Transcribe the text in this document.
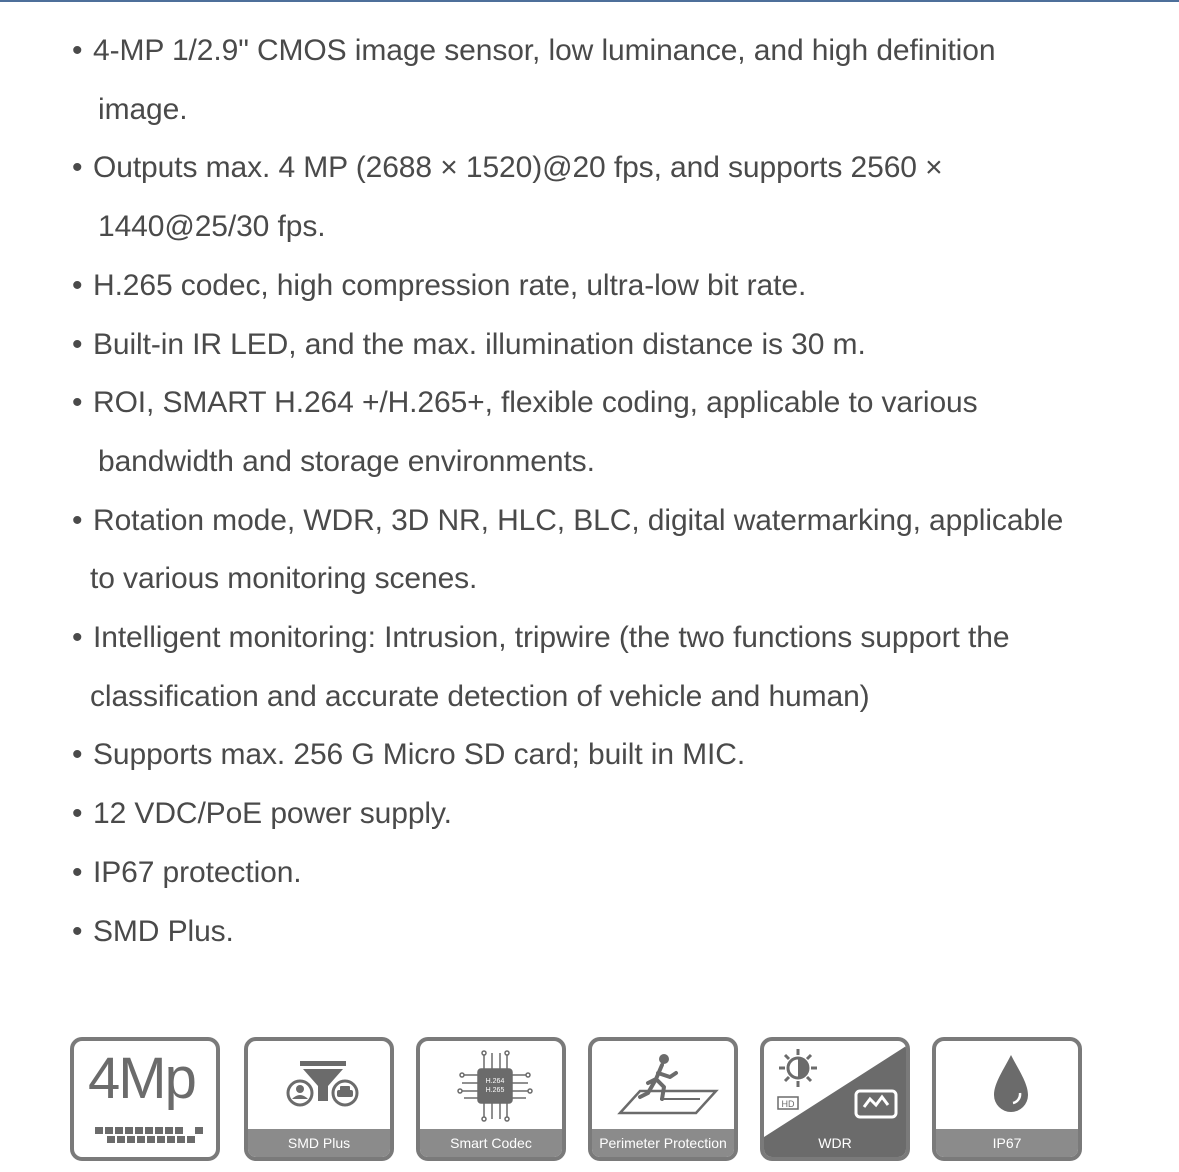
• 4-MP 1/2.9" CMOS image sensor, low luminance, and high definition
image.
• Outputs max. 4 MP (2688 × 1520)@20 fps, and supports 2560 ×
1440@25/30 fps.
• H.265 codec, high compression rate, ultra-low bit rate.
• Built-in IR LED, and the max. illumination distance is 30 m.
• ROI, SMART H.264 +/H.265+, flexible coding, applicable to various
bandwidth and storage environments.
• Rotation mode, WDR, 3D NR, HLC, BLC, digital watermarking, applicable
to various monitoring scenes.
• Intelligent monitoring: Intrusion, tripwire (the two functions support the
classification and accurate detection of vehicle and human)
• Supports max. 256 G Micro SD card; built in MIC.
• 12 VDC/PoE power supply.
• IP67 protection.
• SMD Plus.
4Mp
SMD Plus
H.264
H.265
Smart Codec	Perimeter Protection
HD
WDR	IP67
